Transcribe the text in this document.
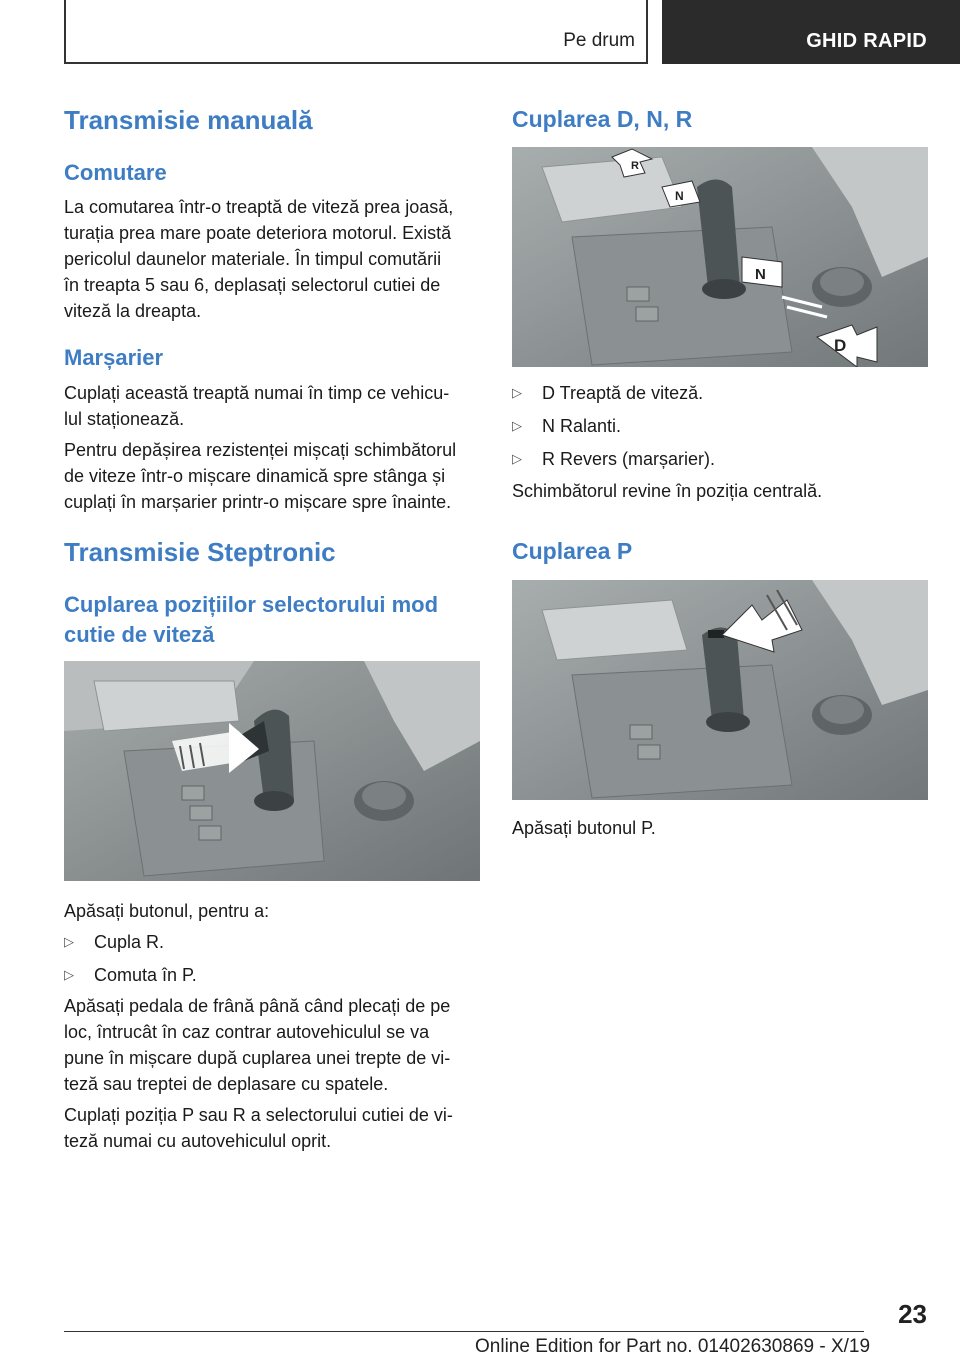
Pe drum	GHID RAPID
Transmisie manuală
Comutare

La comutarea într-o treaptă de viteză prea joasă,

turația prea mare poate deteriora motorul. Există

pericolul daunelor materiale. În timpul comutării

în treapta 5 sau 6, deplasați selectorul cutiei de

viteză la dreapta.

Marșarier

Cuplați această treaptă numai în timp ce vehicu-

lul staționează.

Pentru depășirea rezistenței mișcați schimbătorul

de viteze într-o mișcare dinamică spre stânga și

cuplați în marșarier printr-o mișcare spre înainte.

Transmisie Steptronic
Cuplarea pozițiilor selectorului mod
cutie de viteză

Apăsați butonul, pentru a:

▷ Cupla R.
▷ Comuta în P.

Apăsați pedala de frână până când plecați de pe

loc, întrucât în caz contrar autovehiculul se va

pune în mișcare după cuplarea unei trepte de vi-

teză sau treptei de deplasare cu spatele.

Cuplați poziția P sau R a selectorului cutiei de vi-

teză numai cu autovehiculul oprit.

Cuplarea D, N, R
R
N
N
D
▷ D Treaptă de viteză.
▷ N Ralanti.
▷ R Revers (marșarier).

Schimbătorul revine în poziția centrală.

Cuplarea P

Apăsați butonul P.

23
Online Edition for Part no. 01402630869 - X/19
